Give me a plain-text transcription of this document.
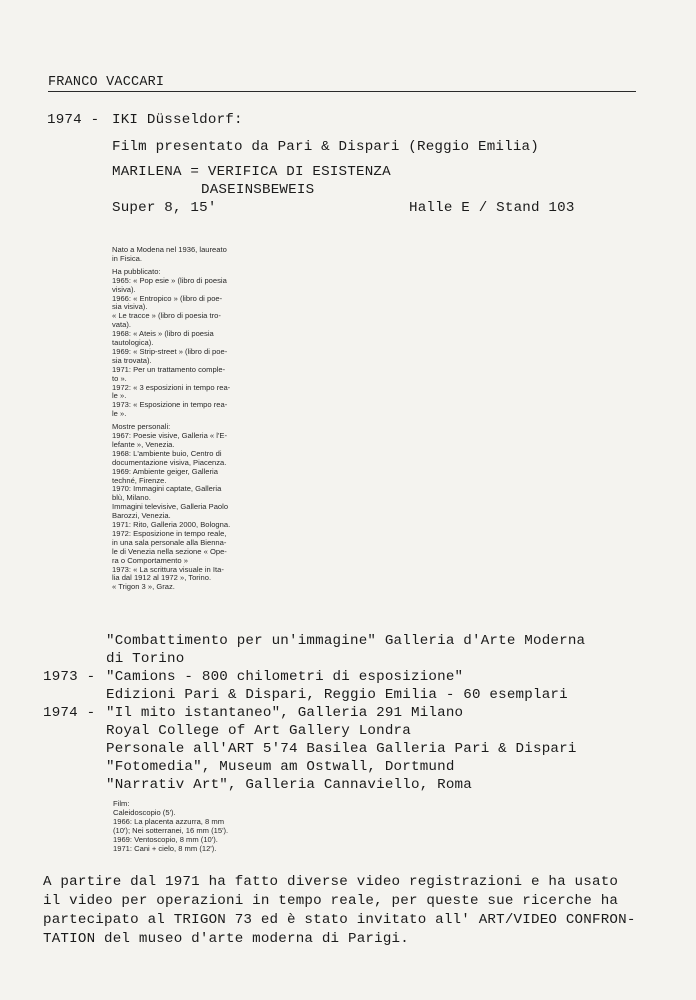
FRANCO VACCARI
1974 - IKI Düsseldorf:
Film presentato da Pari & Dispari (Reggio Emilia)
MARILENA = VERIFICA DI ESISTENZA
DASEINSBEWEIS
Super 8, 15'	Halle E / Stand 103
Nato a Modena nel 1936, laureato
in Fisica.
Ha pubblicato:
1965: « Pop esie » (libro di poesia
visiva).
1966: « Entropico » (libro di poe-
sia visiva).
« Le tracce » (libro di poesia tro-
vata).
1968: « Ateis » (libro di poesia
tautologica).
1969: « Strip-street » (libro di poe-
sia trovata).
1971: Per un trattamento comple-
to ».
1972: « 3 esposizioni in tempo rea-
le ».
1973: « Esposizione in tempo rea-
le ».
Mostre personali:
1967: Poesie visive, Galleria « l'E-
lefante », Venezia.
1968: L'ambiente buio, Centro di
documentazione visiva, Piacenza.
1969: Ambiente geiger, Galleria
techné, Firenze.
1970: Immagini captate, Galleria
blù, Milano.
Immagini televisive, Galleria Paolo
Barozzi, Venezia.
1971: Rito, Galleria 2000, Bologna.
1972: Esposizione in tempo reale,
in una sala personale alla Bienna-
le di Venezia nella sezione « Ope-
ra o Comportamento »
1973: « La scrittura visuale in Ita-
lia dal 1912 al 1972 », Torino.
« Trigon 3 », Graz.
"Combattimento per un'immagine" Galleria d'Arte Moderna
di Torino
1973 - "Camions - 800 chilometri di esposizione"
Edizioni Pari & Dispari, Reggio Emilia - 60 esemplari
1974 - "Il mito istantaneo", Galleria 291 Milano
Royal College of Art Gallery Londra
Personale all'ART 5'74 Basilea Galleria Pari & Dispari
"Fotomedia", Museum am Ostwall, Dortmund
"Narrativ Art", Galleria Cannaviello, Roma
Film:
Caleidoscopio (5').
1966: La placenta azzurra, 8 mm
(10'); Nei sotterranei, 16 mm (15').
1969: Ventoscopio, 8 mm (10').
1971: Cani + cielo, 8 mm (12').
A partire dal 1971 ha fatto diverse video registrazioni e ha usato
il video per operazioni in tempo reale, per queste sue ricerche ha
partecipato al TRIGON 73 ed è stato invitato all' ART/VIDEO CONFRON-
TATION del museo d'arte moderna di Parigi.
